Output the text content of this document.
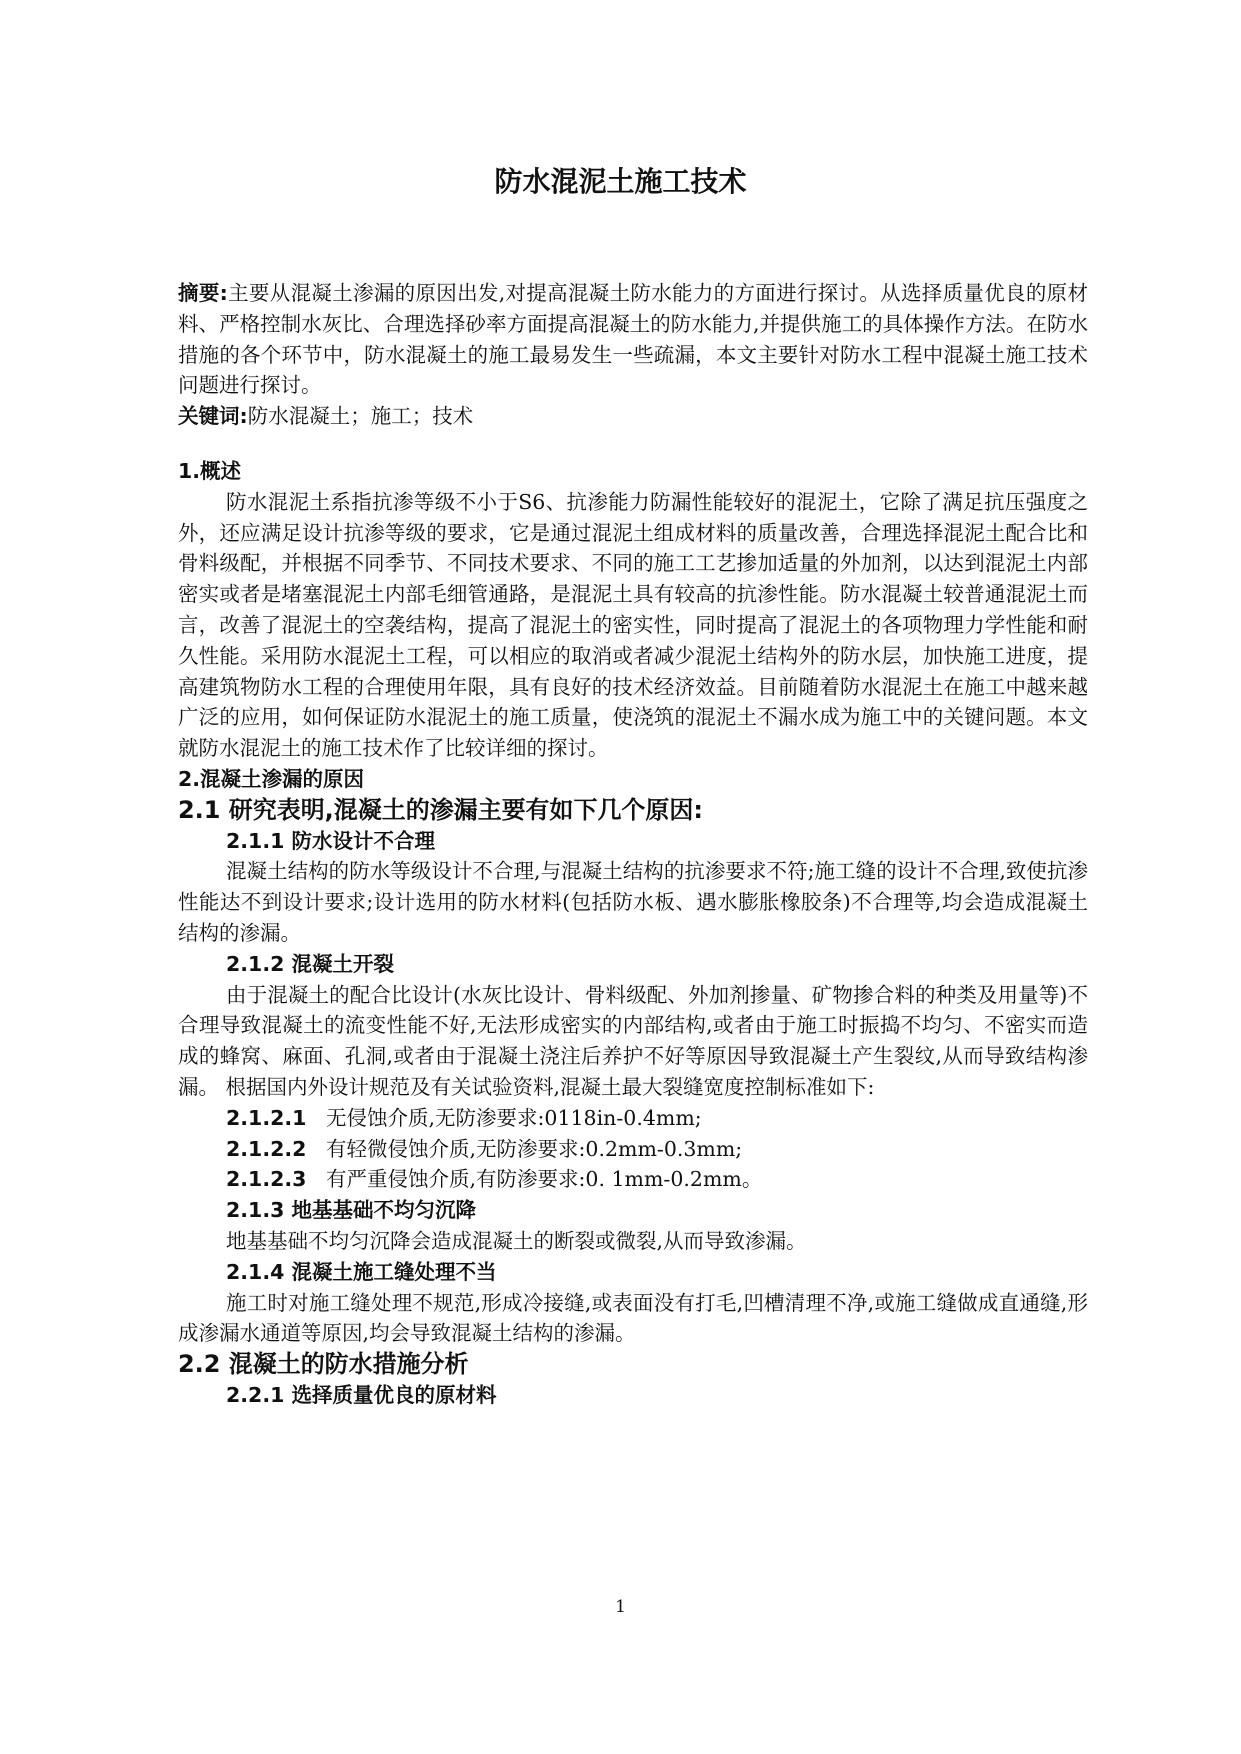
防水混泥土施工技术

摘要:主要从混凝土渗漏的原因出发,对提高混凝土防水能力的方面进行探讨。从选择质量优良的原材料、严格控制水灰比、合理选择砂率方面提高混凝土的防水能力,并提供施工的具体操作方法。在防水措施的各个环节中，防水混凝土的施工最易发生一些疏漏，本文主要针对防水工程中混凝土施工技术问题进行探讨。

关键词:防水混凝土；施工；技术

1.概述

防水混泥土系指抗渗等级不小于S6、抗渗能力防漏性能较好的混泥土，它除了满足抗压强度之外，还应满足设计抗渗等级的要求，它是通过混泥土组成材料的质量改善，合理选择混泥土配合比和骨料级配，并根据不同季节、不同技术要求、不同的施工工艺掺加适量的外加剂，以达到混泥土内部密实或者是堵塞混泥土内部毛细管通路，是混泥土具有较高的抗渗性能。防水混凝土较普通混泥土而言，改善了混泥土的空袭结构，提高了混泥土的密实性，同时提高了混泥土的各项物理力学性能和耐久性能。采用防水混泥土工程，可以相应的取消或者减少混泥土结构外的防水层，加快施工进度，提高建筑物防水工程的合理使用年限，具有良好的技术经济效益。目前随着防水混泥土在施工中越来越广泛的应用，如何保证防水混泥土的施工质量，使浇筑的混泥土不漏水成为施工中的关键问题。本文就防水混泥土的施工技术作了比较详细的探讨。

2.混凝土渗漏的原因
2.1 研究表明,混凝土的渗漏主要有如下几个原因:
2.1.1 防水设计不合理

混凝土结构的防水等级设计不合理,与混凝土结构的抗渗要求不符;施工缝的设计不合理,致使抗渗性能达不到设计要求;设计选用的防水材料(包括防水板、遇水膨胀橡胶条)不合理等,均会造成混凝土结构的渗漏。

2.1.2 混凝土开裂

由于混凝土的配合比设计(水灰比设计、骨料级配、外加剂掺量、矿物掺合料的种类及用量等)不合理导致混凝土的流变性能不好,无法形成密实的内部结构,或者由于施工时振捣不均匀、不密实而造成的蜂窝、麻面、孔洞,或者由于混凝土浇注后养护不好等原因导致混凝土产生裂纹,从而导致结构渗漏。 根据国内外设计规范及有关试验资料,混凝土最大裂缝宽度控制标准如下:

2.1.2.1 无侵蚀介质,无防渗要求:0118in-0.4mm;

2.1.2.2 有轻微侵蚀介质,无防渗要求:0.2mm-0.3mm;

2.1.2.3 有严重侵蚀介质,有防渗要求:0. 1mm-0.2mm。

2.1.3 地基基础不均匀沉降

地基基础不均匀沉降会造成混凝土的断裂或微裂,从而导致渗漏。

2.1.4 混凝土施工缝处理不当

施工时对施工缝处理不规范,形成冷接缝,或表面没有打毛,凹槽清理不净,或施工缝做成直通缝,形成渗漏水通道等原因,均会导致混凝土结构的渗漏。

2.2 混凝土的防水措施分析
2.2.1 选择质量优良的原材料

1
